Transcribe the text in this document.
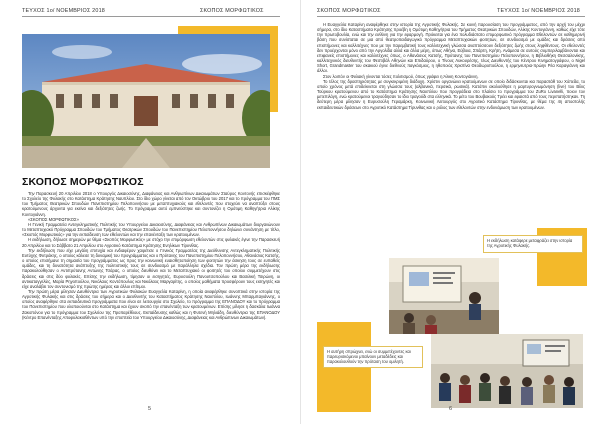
ΤΕΥΧΟΣ 1ο/ ΝΟΕΜΒΡΙΟΣ 2018	ΣΚΟΠΟΣ ΜΟΡΦΩΤΙΚΟΣ
ΣΚΟΠΟΣ ΜΟΡΦΩΤΙΚΟΣ

Την Παρασκευή 20 Απριλίου 2018 ο Υπουργός Δικαιοσύνης, Διαφάνειας και Ανθρωπίνων Δικαιωμάτων Σταύρος Κοντονής επισκέφθηκε το Σχολείο της Φυλακής στο Κατάστημα Κράτησης Ναυπλίου. Στο ίδιο χώρο γίνεται από τον Οκτώβριο του 2017 και το πρόγραμμα του ΠΜΣ του Τμήματος Θεατρικών Σπουδών Πανεπιστημίου Πελοποννήσου με μεταπτυχιακούς και εθελοντές που στοχεύει να αναπτύξει στους κρατούμενους άρχοντα για εκείνα και δεξιότητες ζωής. Το πρόγραμμα αυτό εμπνεύστηκε και συντονίζει η Ομότιμη Καθηγήτρια Αλίκης Κοντογιάννη.

«ΣΚΟΠΟΣ ΜΟΡΦΩΤΙΚΟΣ»

Η Γενική Γραμματεία Αντεγκληματικής Πολιτικής του Υπουργείου Δικαιοσύνης, Διαφάνειας και Ανθρωπίνων Δικαιωμάτων διοργανώνουν το Μεταπτυχιακό Πρόγραμμα Σπουδών του Τμήματος Θεατρικών Σπουδών του Πανεπιστημίου Πελοποννήσου δηλώνει συνάντηση με τίτλο, «Σκοπός Μορφωτικός» για την εκπαίδευση των εθελοντών και την επανένταξη των κρατουμένων.

Η εκδήλωση, δήλωσε σημερών με θέμα «Σκοπός Μορφωτικός» με στόχο την επιμόρφωση εθελοντών στις φυλακές έγινε την Παρασκευή 20 Απριλίου και το Σάββατο 21 Απριλίου στο Αγροτικό Κατάστημα Κράτησης Ενηλίκων Τίρυνθας.

Την εκδήλωση που είχε μεγάλη επιτυχία και ενδιαφέρον χαιρέτισε ο Γενικός Γραμματέας της Διεύθυνσης Αντεγκληματικής Πολιτικής Ευτύχης Φυτράκης, ο οποίος κάλεσε τη δυναμική του προγράμματος και ο Πρύτανης του Πανεπιστημίου Πελοποννήσου, Αθανάσιος Κατσής, ο οποίος επισήμανε τη σημασία του προγράμματος ως προς την κοινωνική ευαισθητοποίηση των φοιτητών την άσκηση τους σε ευπαθείς ομάδες, και τη δυνατότητα ανάπτυξης της πολιτιστικής τους σε συνδυασμό με παράλληλα σχέδια. Τον πρώτη μέρα της εκδήλωσης παρακολούθησαν ο Αντιπρύτανης Αντώνης Τσάρας, ο οποίος διευθύνει και το Μεταπτυχιακό οι φοιτητές του οποίου συμμετέχουν στις δράσεις και στις δύο φυλακές. Επίσης την εκδήλωση, τίμησαν οι εισηγητές, Ευρυσούλη Πανουτσοπούλου και Βασιλική Τσιρώνη, οι αντικαταγγελίες, Μαρία Ρηγοπούλου, Νικόλαος Κοντόπουλος και Νικόλαος Μαργαρίτης, ο οποίος μαθήματα προσφέρουν τους εισηγητές και είχε αναλάβει τον συντονισμό της πρώτης ημέρας και άλλοι επίτιμοι.

Την πρώτη μέρα μίλησαν Διευθύντρια των Αγροτικών Φυλακών Ευαγγελία Καταρίνη, η οποία αναφέρθηκε συνοπτικά στην ιστορία της Αγροτικής Φυλακής και στις δράσεις του σήμερα και ο Διευθυντής του Καταστήματος Κράτησης Ναυπλίου, Ιωάννης Μπαρμπαγιάννης, ο οποίος αναφέρθηκε στα εκπαιδευτικά προγράμματα που είναι σε λειτουργία στο Σχολείο, το πρόγραμμα της ΕΠΑΝΟΔΟΥ και το πρόγραμμα του Πανεπιστημίου που υλοποιούνται στο Κατάστημα και έχουν σκοπό την επανένταξη των κρατουμένων. Επίσης μίλησε η δασκάλα Ιωάννα Ζακοπόνου για το πρόγραμμα του Σχολείου της Προπαρέθλους. Εκπαίδευσης καθώς και η Φυτενή Μηλιάδη, διευθύντρια της ΕΠΑΝΟΔΟΥ (Κέντρο Επανένταξης Αποφυλακισθέντων υπό την εποπτεία του Υπουργείου Δικαιοσύνης, Διαφάνειας και Ανθρώπινων Δικαιωμάτων).

5
ΣΚΟΠΟΣ ΜΟΡΦΩΤΙΚΟΣ	ΤΕΥΧΟΣ 1ο/ ΝΟΕΜΒΡΙΟΣ 2018

Η Ευαγγελία Καταρίνη αναφέρθηκε στην ιστορία της Αγροτικής Φυλακής. Σε κοινή παρουσίαση του προγράμματος, από την αρχή του μέχρι σήμερα, στο ίδιο Καταστήματα Κράτησης προέβη η Ομότιμη Καθηγήτρια του Τμήματος Θεατρικών Σπουδών, Αλίκης Κοντογιάννη, καθώς είχε τότε την πρωτοβουλία, ενώ και την ευθύνη για την εφαρμογή. Πρόκειται για ένα πολυδιάστατο επιμορφωτικό πρόγραμμα Εθελοντών σε καθημερινή βάση που συνίσταται σε μια από θεατροπαιδαγωγικό πρόγραμμα Μεταπτυχιακών φοιτητών, σε συνδυασμό με ομάδες και δράσεις από επιστήμονες και καλλιτέχνες που με την παρεμβατική τους καλλιτεχνική γλώσσα αναπτύσσουν δεξιότητες ζωής στους ληφθέντους. Οι εθελοντές δεν προέρχονται μόνο από την Αργολίδα αλλά και άλλα μέρη, όπως Αθήνα, Εύβοια, Σπάρτη, Κρήτη. Ανάμεσα σε αυτούς συμπεριλαμβάνονται και επιφανείς επιστήμονες και καλλιτέχνες όπως, ο Αθανάσιος Κατσής, Πρύτανης του Πανεπιστημίου Πελοποννήσου, η Βιβλιοθήκη Θεσσαλονίκης, καλλιτεχνικός διευθυντής του Φεστιβάλ Αθηνών και Επιδαύρου, ο Τίνους Λυκουρέσης, τέως Διευθυντής του Κέντρου Κινηματογράφου, ο Nigel Short, Grandmaster του σκακιού έγινε διεθνούς παγκόσμιος, η ηθοποιός Χριστίνα Θεοδωροπούλου, η ερμηνευτρια-πρώην Ρέα Καραγιάννη και άλλοι.

Στον λοιπόν οι Φυλακή γίνονται τόσες πολιτισμού, όπως γράφει η Άλικη Κοντογιάννη.

Το τέλος της δραστηριότητας με συγκεκριμένη διάδοχη. Χρίστιν οργανώνει κρατούμενων σε οποίο διδάσκονται κια παραστάθ του Χόπεδα, το οποίο χρόνος μετά επιδείκνεται στη γλώσσα τους (αλβανικά, περσικά, ρωσικά). Κατόπιν ακολούθησε η μαρτυρογνωμόνηση (live) του Βίλις Τούρκου κρατούμενου από το Κατάστημα Κράτησης Ναυπλίου που προγράδεια στο πλαίσιο το προγράμμα του ZuRo Livanelli, ποιον τον μετεπιλόγη, ενώ κρατούμενοι τραγούδησαν το ίδιο τραγούδι στα ελληνικά. Το μέτο του Βουβακούς Τρέει και εφαιστά από τους περιπατήστηκαν. Τη δεύτερη μέρα μίλησαν η Ευρυσούλη Γεραμάρκη, Κοινωνική Λειτουργός στο Αγροτικό Κατάστημα Τίρυνθας, με θέμα της 4η αποστολής εκπαιδευτικών δράσεων στο Αγροτικό Κατάστημα Τίρυνθας και ο ρόλος των εθελοντών στην ενδυνάμωση των κρατουμένων.

Η εκδήλωση κατάφερε μεταφράζει στην ιστορία της Αγροτικής Φυλακής.
Η αυτήρη σπρώχνει, ενώ οι συμμετέχοντες και παρευρισκόμενοι μπαίνουν μεταδέδεις και παρακολουθούν την πρόταση του ομιλητή.
6
